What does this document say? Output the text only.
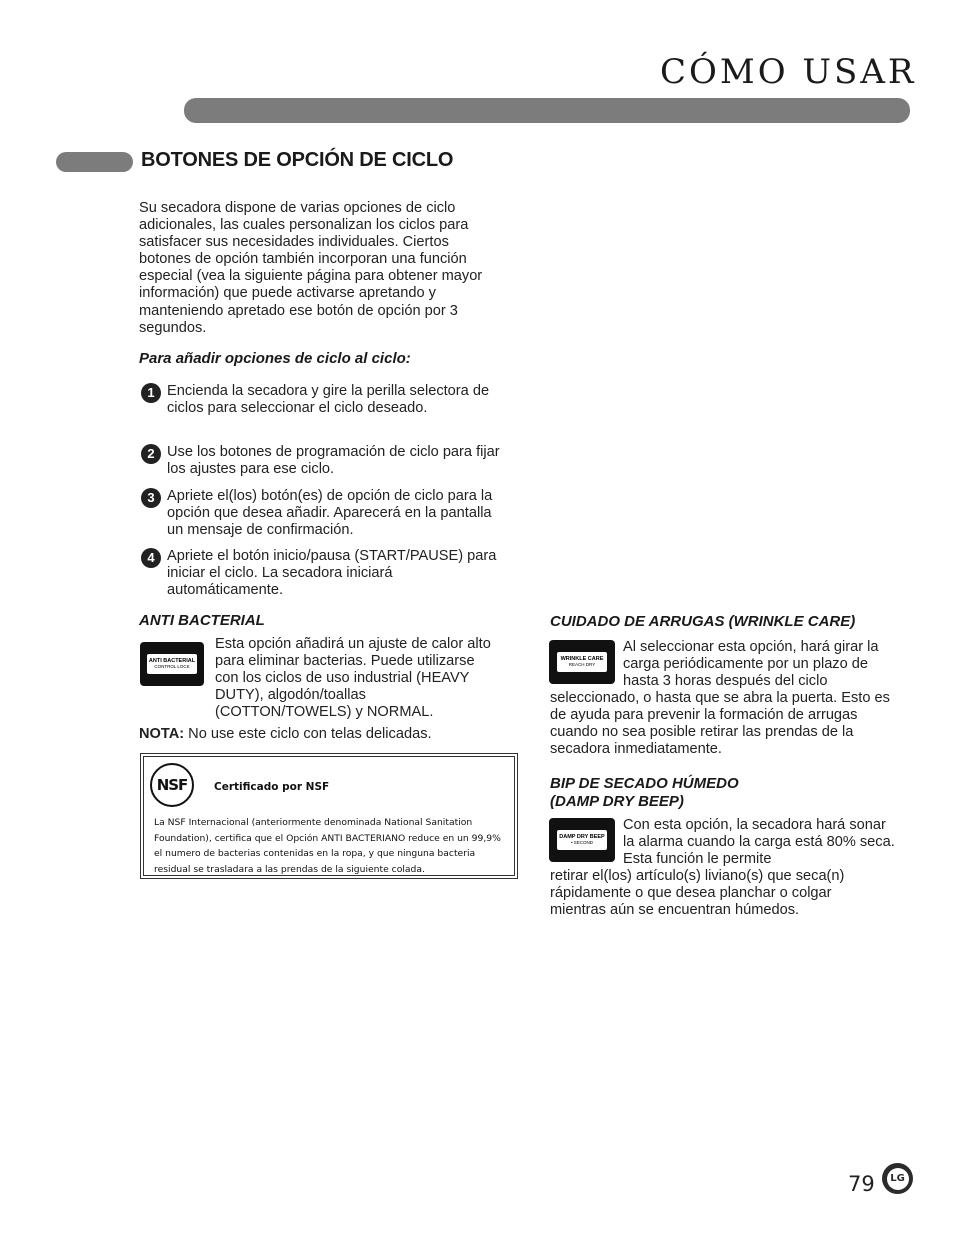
CÓMO USAR
BOTONES DE OPCIÓN DE CICLO
Su secadora dispone de varias opciones de ciclo adicionales, las cuales personalizan los ciclos para satisfacer sus necesidades individuales. Ciertos botones de opción también incorporan una función especial (vea la siguiente página para obtener mayor información) que puede activarse apretando y manteniendo apretado ese botón de opción por 3 segundos.
Para añadir opciones de ciclo al ciclo:
1 Encienda la secadora y gire la perilla selectora de ciclos para seleccionar el ciclo deseado.
2 Use los botones de programación de ciclo para fijar los ajustes para ese ciclo.
3 Apriete el(los) botón(es) de opción de ciclo para la opción que desea añadir. Aparecerá en la pantalla un mensaje de confirmación.
4 Apriete el botón inicio/pausa (START/PAUSE) para iniciar el ciclo. La secadora iniciará automáticamente.
ANTI BACTERIAL
ANTI BACTERIAL
CONTROL LOCK
Esta opción añadirá un ajuste de calor alto para eliminar bacterias. Puede utilizarse con los ciclos de uso industrial (HEAVY DUTY), algodón/toallas (COTTON/TOWELS) y NORMAL.
NOTA: No use este ciclo con telas delicadas.
NSF	Certificado por NSF
La NSF Internacional (anteriormente denominada National Sanitation Foundation), certifica que el Opción ANTI BACTERIANO reduce en un 99,9% el numero de bacterias contenidas en la ropa, y que ninguna bacteria residual se trasladara a las prendas de la siguiente colada.
CUIDADO DE ARRUGAS (WRINKLE CARE)
WRINKLE CARE
REACH DRY
Al seleccionar esta opción, hará girar la carga periódicamente por un plazo de hasta 3 horas después del ciclo
seleccionado, o hasta que se abra la puerta. Esto es de ayuda para prevenir la formación de arrugas cuando no sea posible retirar las prendas de la secadora inmediatamente.
BIP DE SECADO HÚMEDO
(DAMP DRY BEEP)
DAMP DRY BEEP
• SECOND
Con esta opción, la secadora hará sonar la alarma cuando la carga está 80% seca. Esta función le permite
retirar el(los) artículo(s) liviano(s) que seca(n) rápidamente o que desea planchar o colgar mientras aún se encuentran húmedos.
79	LG
